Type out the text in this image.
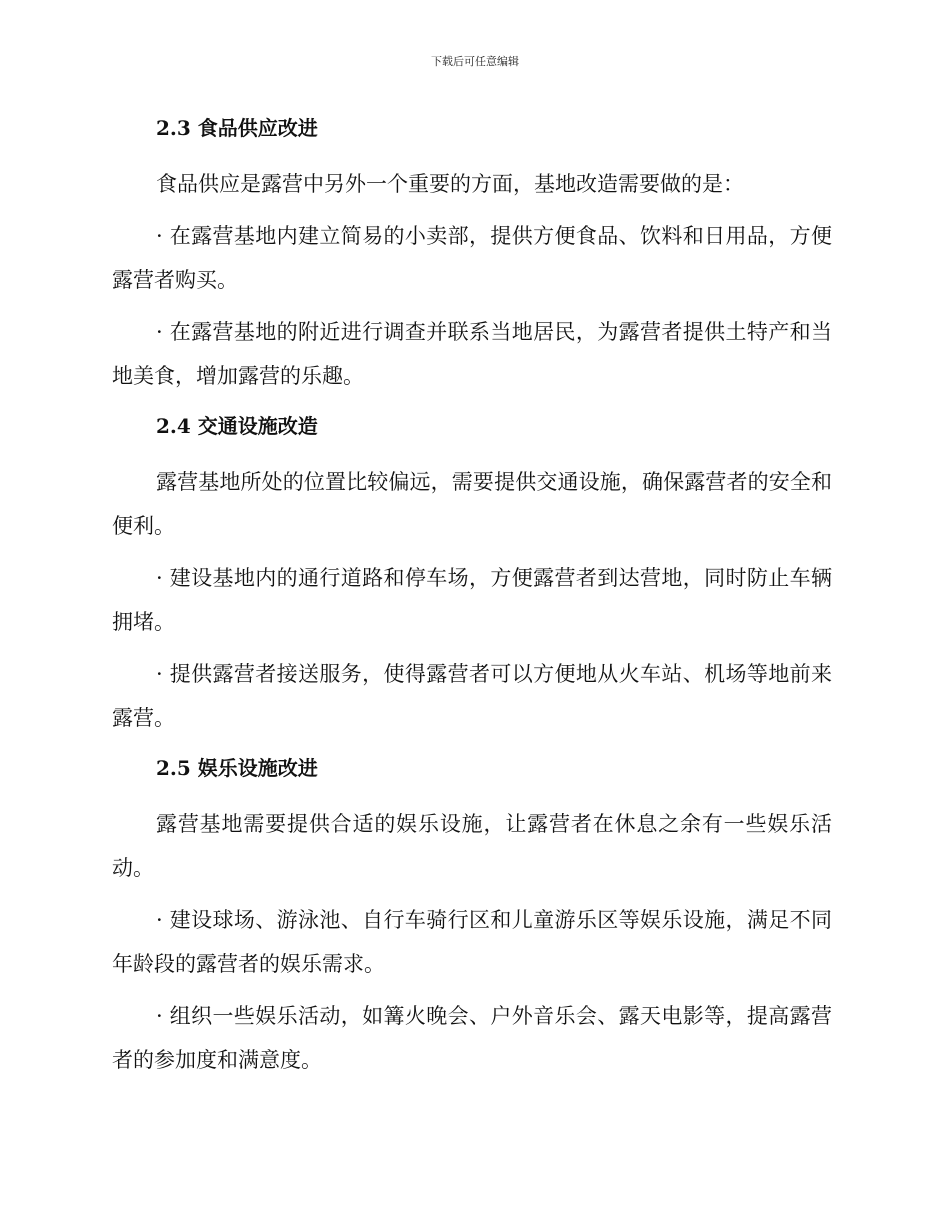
下载后可任意编辑
2.3 食品供应改进

食品供应是露营中另外一个重要的方面，基地改造需要做的是：

· 在露营基地内建立简易的小卖部，提供方便食品、饮料和日用品，方便露营者购买。

· 在露营基地的附近进行调查并联系当地居民，为露营者提供土特产和当地美食，增加露营的乐趣。

2.4 交通设施改造

露营基地所处的位置比较偏远，需要提供交通设施，确保露营者的安全和便利。

· 建设基地内的通行道路和停车场，方便露营者到达营地，同时防止车辆拥堵。

· 提供露营者接送服务，使得露营者可以方便地从火车站、机场等地前来露营。

2.5 娱乐设施改进

露营基地需要提供合适的娱乐设施，让露营者在休息之余有一些娱乐活动。

· 建设球场、游泳池、自行车骑行区和儿童游乐区等娱乐设施，满足不同年龄段的露营者的娱乐需求。

· 组织一些娱乐活动，如篝火晚会、户外音乐会、露天电影等，提高露营者的参加度和满意度。
